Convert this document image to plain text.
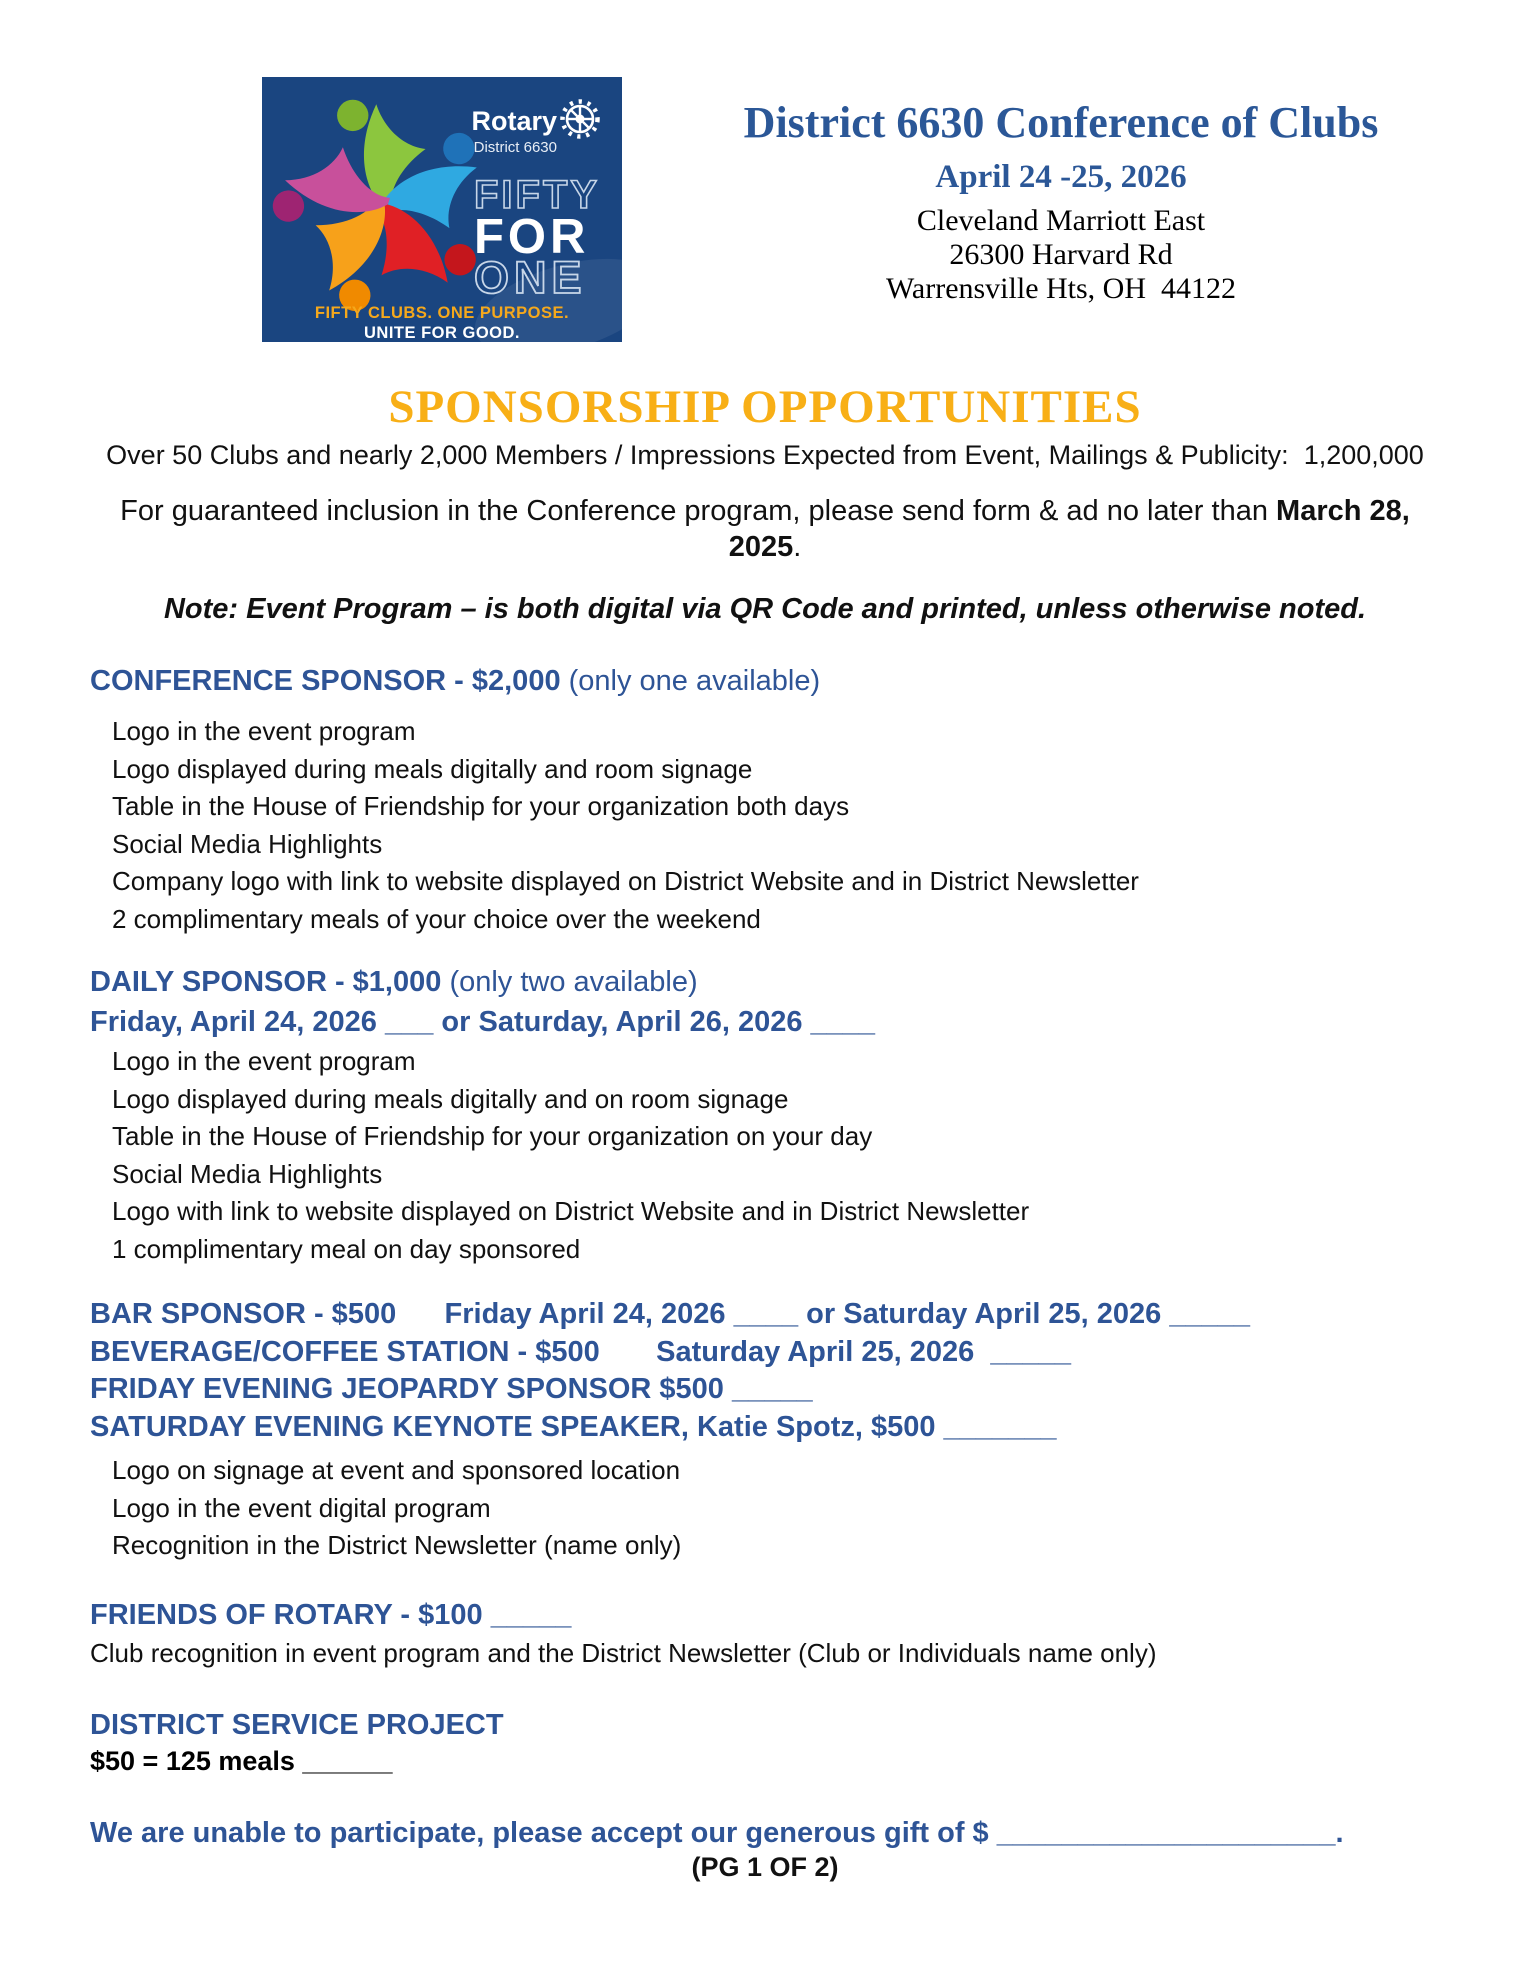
Rotary
District 6630
FIFTY
FOR
ONE
FIFTY CLUBS. ONE PURPOSE.
UNITE FOR GOOD.
District 6630 Conference of Clubs
April 24 -25, 2026
Cleveland Marriott East
26300 Harvard Rd
Warrensville Hts, OH  44122
SPONSORSHIP OPPORTUNITIES
Over 50 Clubs and nearly 2,000 Members / Impressions Expected from Event, Mailings & Publicity:  1,200,000
For guaranteed inclusion in the Conference program, please send form & ad no later than March 28, 2025.
Note: Event Program – is both digital via QR Code and printed, unless otherwise noted.
CONFERENCE SPONSOR - $2,000 (only one available)
Logo in the event program
Logo displayed during meals digitally and room signage
Table in the House of Friendship for your organization both days
Social Media Highlights
Company logo with link to website displayed on District Website and in District Newsletter
2 complimentary meals of your choice over the weekend
DAILY SPONSOR - $1,000 (only two available)
Friday, April 24, 2026 ___ or Saturday, April 26, 2026 ____
Logo in the event program
Logo displayed during meals digitally and on room signage
Table in the House of Friendship for your organization on your day
Social Media Highlights
Logo with link to website displayed on District Website and in District Newsletter
1 complimentary meal on day sponsored
BAR SPONSOR - $500      Friday April 24, 2026 ____ or Saturday April 25, 2026 _____
BEVERAGE/COFFEE STATION - $500       Saturday April 25, 2026  _____
FRIDAY EVENING JEOPARDY SPONSOR $500 _____
SATURDAY EVENING KEYNOTE SPEAKER, Katie Spotz, $500 _______
Logo on signage at event and sponsored location
Logo in the event digital program
Recognition in the District Newsletter (name only)
FRIENDS OF ROTARY - $100 _____
Club recognition in event program and the District Newsletter (Club or Individuals name only)
DISTRICT SERVICE PROJECT
$50 = 125 meals ______
We are unable to participate, please accept our generous gift of $ _____________________.
(PG 1 OF 2)
